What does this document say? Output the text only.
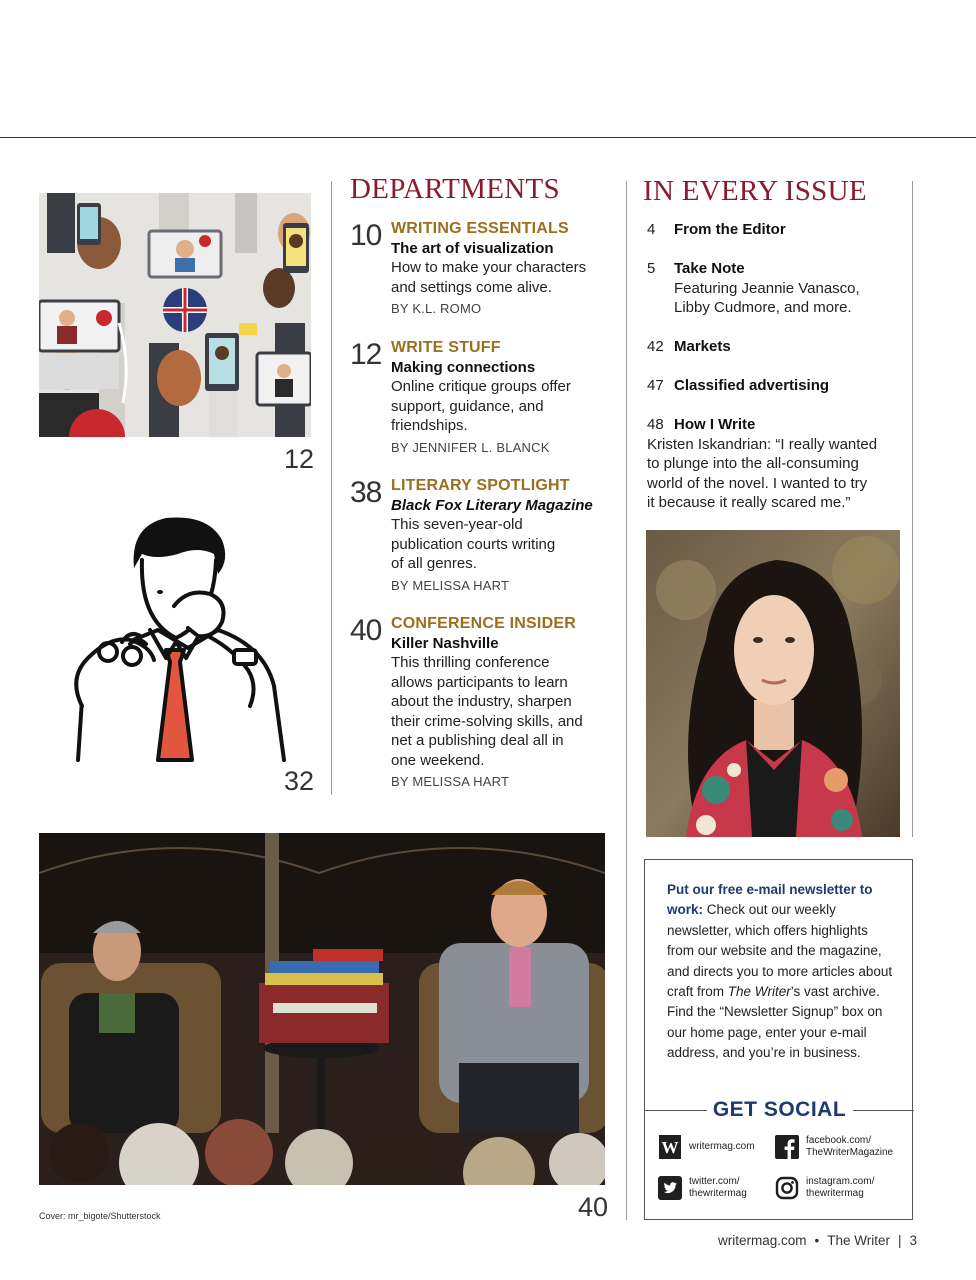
12
32
DEPARTMENTS
10 WRITING ESSENTIALS
The art of visualization
How to make your characters
and settings come alive.
BY K.L. ROMO
12 WRITE STUFF
Making connections
Online critique groups offer
support, guidance, and
friendships.
BY JENNIFER L. BLANCK
38 LITERARY SPOTLIGHT
Black Fox Literary Magazine
This seven-year-old
publication courts writing
of all genres.
BY MELISSA HART
40 CONFERENCE INSIDER
Killer Nashville
This thrilling conference
allows participants to learn
about the industry, sharpen
their crime-solving skills, and
net a publishing deal all in
one weekend.
BY MELISSA HART
IN EVERY ISSUE
4 From the Editor
5 Take Note
Featuring Jeannie Vanasco,
Libby Cudmore, and more.
42 Markets
47 Classified advertising
48 How I Write
Kristen Iskandrian: “I really wanted
to plunge into the all-consuming
world of the novel. I wanted to try
it because it really scared me.”
40
Cover: mr_bigote/Shutterstock
Put our free e-mail newsletter to work: Check out our weekly newsletter, which offers highlights from our website and the magazine, and directs you to more articles about craft from The Writer’s vast archive. Find the “Newsletter Signup” box on our home page, enter your e-mail address, and you’re in business.
GET SOCIAL
W writermag.com
facebook.com/
TheWriterMagazine
twitter.com/
thewritermag
instagram.com/
thewritermag
writermag.com • The Writer | 3
